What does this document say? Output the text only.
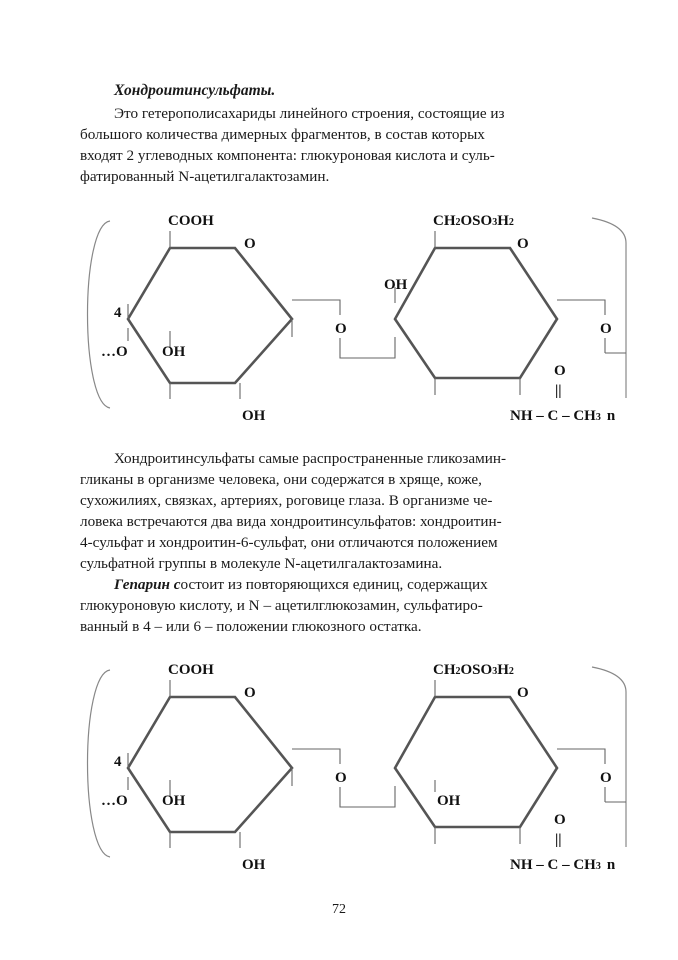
Хондроитинсульфаты.

Это гетерополисахариды линейного строения, состоящие из
большого количества димерных фрагментов, в состав которых
входят 2 углеводных компонента: глюкуроновая кислота и суль-
фатированный N-ацетилгалактозамин.
COOH
O
4
…O OH
OH
O
CH2OSO3H2
O
OH
O
O
||
NH – C – CH3 n
Хондроитинсульфаты самые распространенные гликозамин-
гликаны в организме человека, они содержатся в хряще, коже,
сухожилиях, связках, артериях, роговице глаза. В организме че-
ловека встречаются два вида хондроитинсульфатов: хондроитин-
4-сульфат и хондроитин-6-сульфат, они отличаются положением
сульфатной группы в молекуле N-ацетилгалактозамина.
Гепарин состоит из повторяющихся единиц, содержащих
глюкуроновую кислоту, и N – ацетилглюкозамин, сульфатиро-
ванный в 4 – или 6 – положении глюкозного остатка.
COOH
O
4
…O OH
OH
O
CH2OSO3H2
O
OH
O
O
||
NH – C – CH3 n
72
